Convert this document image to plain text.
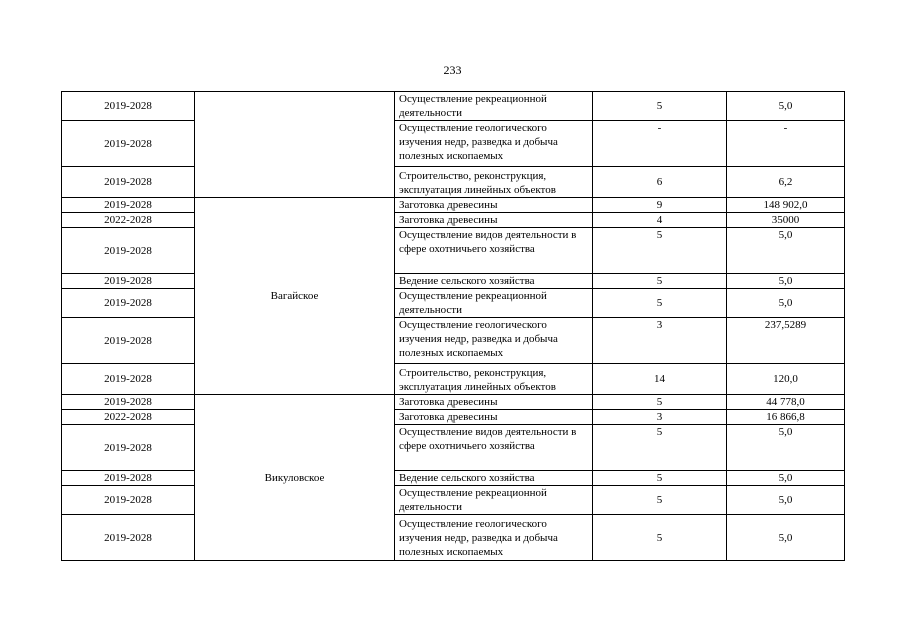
233
2019-2028		Осуществление рекреационной деятельности	5	5,0
2019-2028		Осуществление геологического изучения недр, разведка и добыча полезных ископаемых	-	-
2019-2028		Строительство, реконструкция, эксплуатация линейных объектов	6	6,2
2019-2028	Вагайское	Заготовка древесины	9	148 902,0
2022-2028		Заготовка древесины	4	35000
2019-2028		Осуществление видов деятельности в сфере охотничьего хозяйства	5	5,0
2019-2028		Ведение сельского хозяйства	5	5,0
2019-2028		Осуществление рекреационной деятельности	5	5,0
2019-2028		Осуществление геологического изучения недр, разведка и добыча полезных ископаемых	3	237,5289
2019-2028		Строительство, реконструкция, эксплуатация линейных объектов	14	120,0
2019-2028	Викуловское	Заготовка древесины	5	44 778,0
2022-2028		Заготовка древесины	3	16 866,8
2019-2028		Осуществление видов деятельности в сфере охотничьего хозяйства	5	5,0
2019-2028		Ведение сельского хозяйства	5	5,0
2019-2028		Осуществление рекреационной деятельности	5	5,0
2019-2028		Осуществление геологического изучения недр, разведка и добыча полезных ископаемых	5	5,0
